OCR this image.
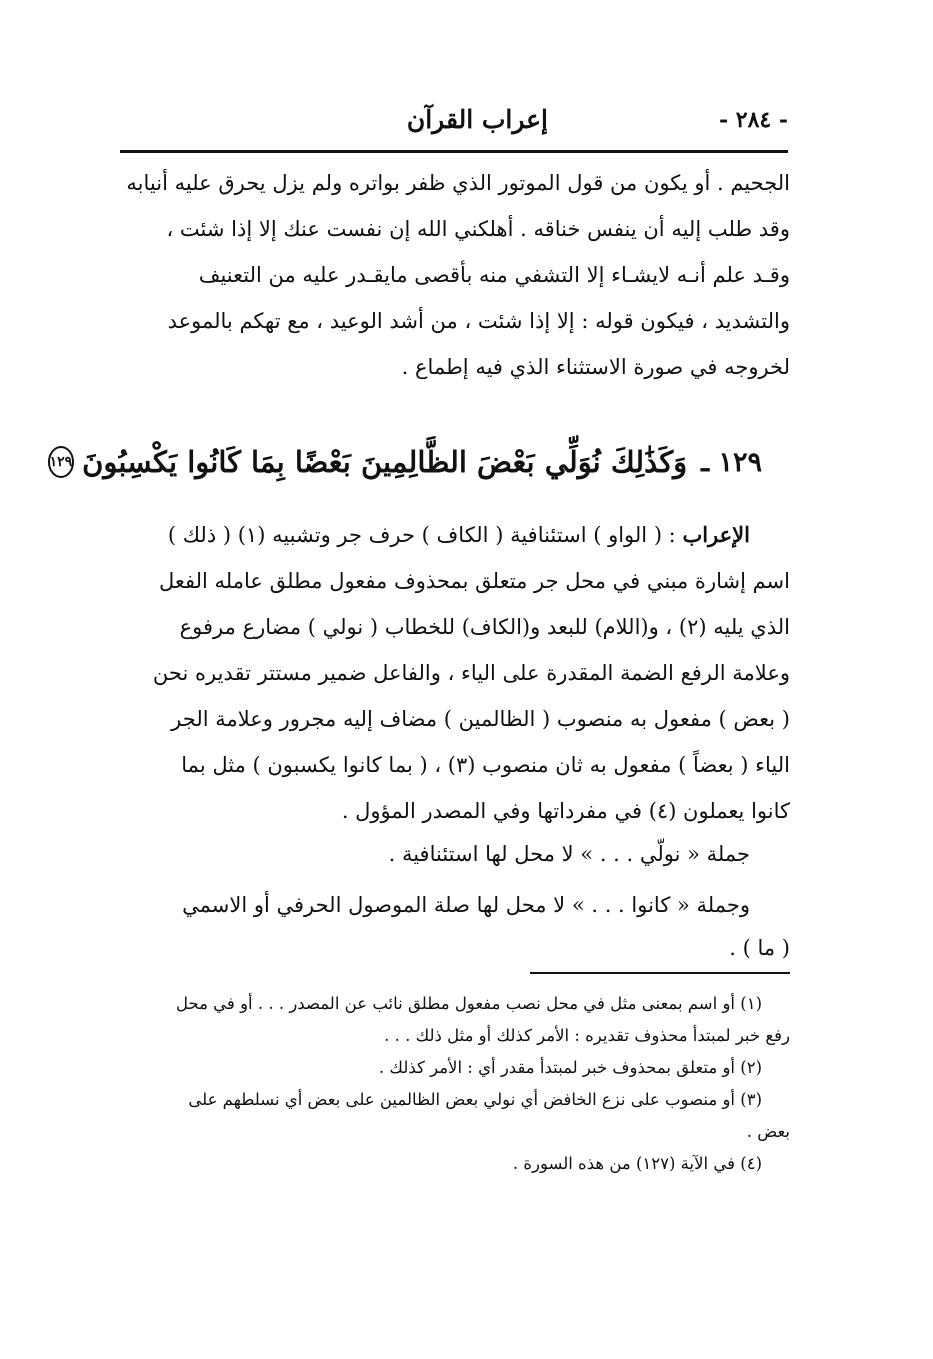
- ٢٨٤ -
إعراب القرآن

الجحيم . أو يكون من قول الموتور الذي ظفر بواتره ولم يزل يحرق عليه أنيابه

وقد طلب إليه أن ينفس خناقه . أهلكني الله إن نفست عنك إلا إذا شئت ،

وقـد علم أنـه لايشـاء إلا التشفي منه بأقصى مايقـدر عليه من التعنيف

والتشديد ، فيكون قوله : إلا إذا شئت ، من أشد الوعيد ، مع تهكم بالموعد

لخروجه في صورة الاستثناء الذي فيه إطماع .

١٢٩ ـ
وَكَذَٰلِكَ نُوَلِّي بَعْضَ الظَّالِمِينَ بَعْضًا بِمَا كَانُوا يَكْسِبُونَ
١٢٩

الإعراب : ( الواو ) استئنافية ( الكاف ) حرف جر وتشبيه (١) ( ذلك )

اسم إشارة مبني في محل جر متعلق بمحذوف مفعول مطلق عامله الفعل

الذي يليه (٢) ، و(اللام) للبعد و(الكاف) للخطاب ( نولي ) مضارع مرفوع

وعلامة الرفع الضمة المقدرة على الياء ، والفاعل ضمير مستتر تقديره نحن

( بعض ) مفعول به منصوب ( الظالمين ) مضاف إليه مجرور وعلامة الجر

الياء ( بعضاً ) مفعول به ثان منصوب (٣) ، ( بما كانوا يكسبون ) مثل بما

كانوا يعملون (٤) في مفرداتها وفي المصدر المؤول .

جملة « نولّي . . . » لا محل لها استئنافية .

وجملة « كانوا . . . » لا محل لها صلة الموصول الحرفي أو الاسمي

( ما ) .

(١) أو اسم بمعنى مثل في محل نصب مفعول مطلق نائب عن المصدر . . . أو في محل

رفع خبر لمبتدأ محذوف تقديره : الأمر كذلك أو مثل ذلك . . .

(٢) أو متعلق بمحذوف خبر لمبتدأ مقدر أي : الأمر كذلك .

(٣) أو منصوب على نزع الخافض أي نولي بعض الظالمين على بعض أي نسلطهم على

بعض .

(٤) في الآية (١٢٧) من هذه السورة .
